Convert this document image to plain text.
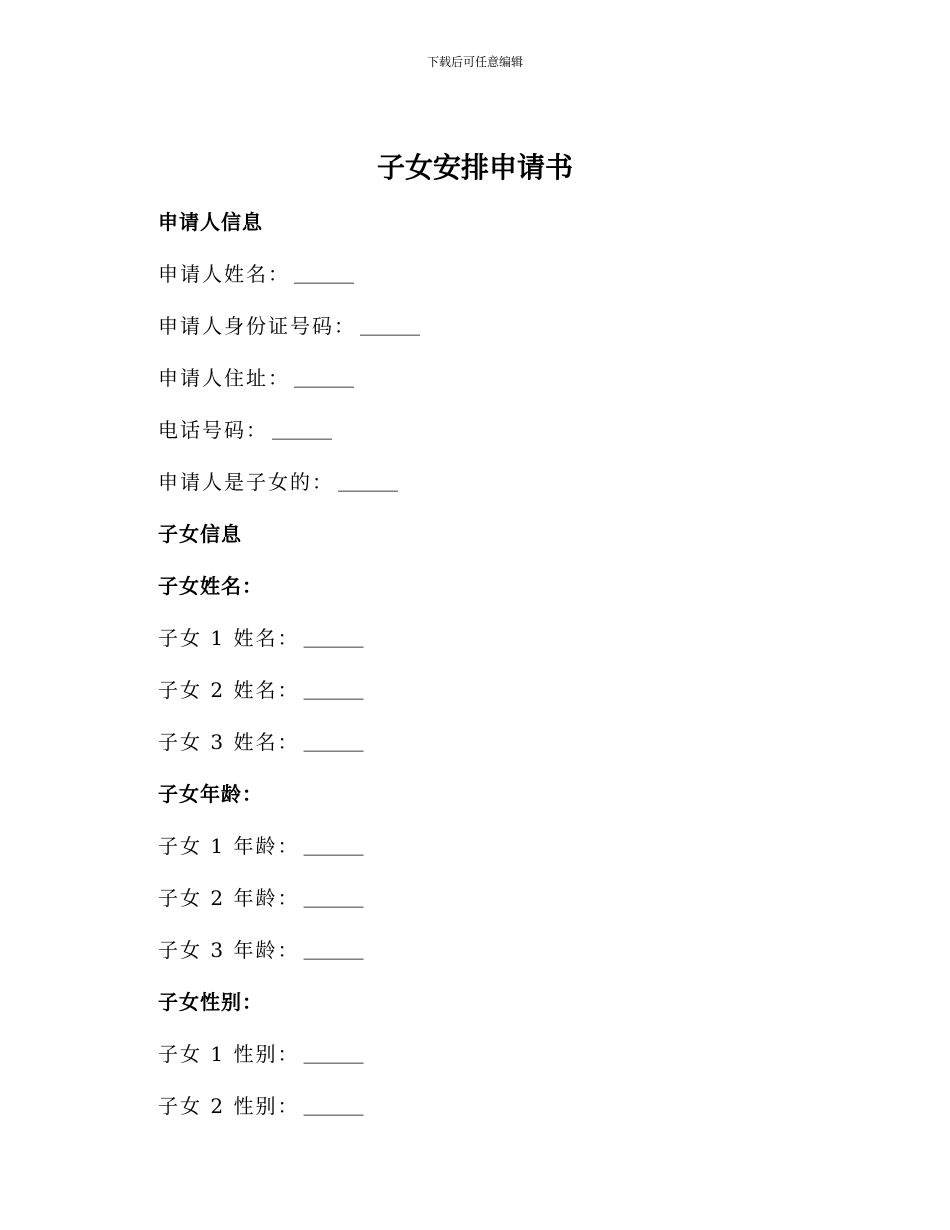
下载后可任意编辑
子女安排申请书
申请人信息
申请人姓名： ______
申请人身份证号码： ______
申请人住址： ______
电话号码： ______
申请人是子女的： ______
子女信息
子女姓名：
子女 1 姓名： ______
子女 2 姓名： ______
子女 3 姓名： ______
子女年龄：
子女 1 年龄： ______
子女 2 年龄： ______
子女 3 年龄： ______
子女性别：
子女 1 性别： ______
子女 2 性别： ______
